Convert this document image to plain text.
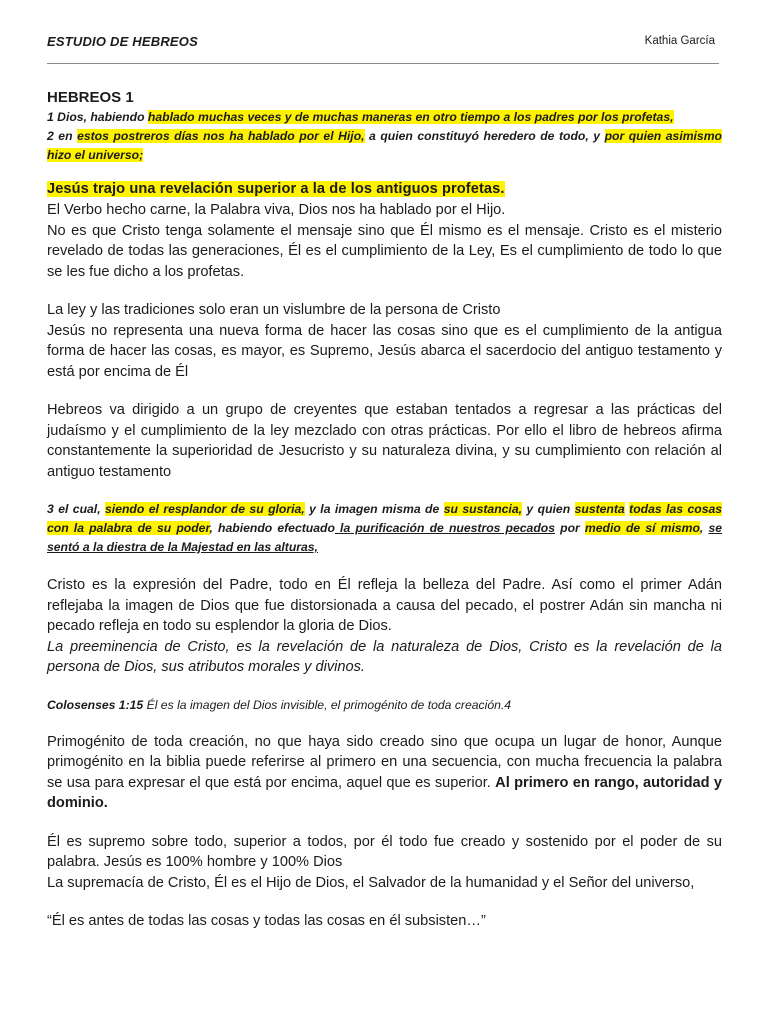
ESTUDIO DE HEBREOS	Kathia García

HEBREOS 1

1 Dios, habiendo hablado muchas veces y de muchas maneras en otro tiempo a los padres por los profetas,

2 en estos postreros días nos ha hablado por el Hijo, a quien constituyó heredero de todo, y por quien asimismo hizo el universo;

Jesús trajo una revelación superior a la de los antiguos profetas.

El Verbo hecho carne, la Palabra viva, Dios nos ha hablado por el Hijo.

No es que Cristo tenga solamente el mensaje sino que Él mismo es el mensaje. Cristo es el misterio revelado de todas las generaciones, Él es el cumplimiento de la Ley, Es el cumplimiento de todo lo que se les fue dicho a los profetas.

La ley y las tradiciones solo eran un vislumbre de la persona de Cristo

Jesús no representa una nueva forma de hacer las cosas sino que es el cumplimiento de la antigua forma de hacer las cosas, es mayor, es Supremo, Jesús abarca el sacerdocio del antiguo testamento y está por encima de Él

Hebreos va dirigido a un grupo de creyentes que estaban tentados a regresar a las prácticas del judaísmo y el cumplimiento de la ley mezclado con otras prácticas. Por ello el libro de hebreos afirma constantemente la superioridad de Jesucristo y su naturaleza divina, y su cumplimiento con relación al antiguo testamento

3 el cual, siendo el resplandor de su gloria, y la imagen misma de su sustancia, y quien sustenta todas las cosas con la palabra de su poder, habiendo efectuado la purificación de nuestros pecados por medio de sí mismo, se sentó a la diestra de la Majestad en las alturas,

Cristo es la expresión del Padre, todo en Él refleja la belleza del Padre. Así como el primer Adán reflejaba la imagen de Dios que fue distorsionada a causa del pecado, el postrer Adán sin mancha ni pecado refleja en todo su esplendor la gloria de Dios.

La preeminencia de Cristo, es la revelación de la naturaleza de Dios, Cristo es la revelación de la persona de Dios, sus atributos morales y divinos.

Colosenses 1:15 Él es la imagen del Dios invisible, el primogénito de toda creación.4

Primogénito de toda creación, no que haya sido creado sino que ocupa un lugar de honor, Aunque primogénito en la biblia puede referirse al primero en una secuencia, con mucha frecuencia la palabra se usa para expresar el que está por encima, aquel que es superior. Al primero en rango, autoridad y dominio.

Él es supremo sobre todo, superior a todos, por él todo fue creado y sostenido por el poder de su palabra. Jesús es 100% hombre y 100% Dios

La supremacía de Cristo, Él es el Hijo de Dios, el Salvador de la humanidad y el Señor del universo,

“Él es antes de todas las cosas y todas las cosas en él subsisten…”
